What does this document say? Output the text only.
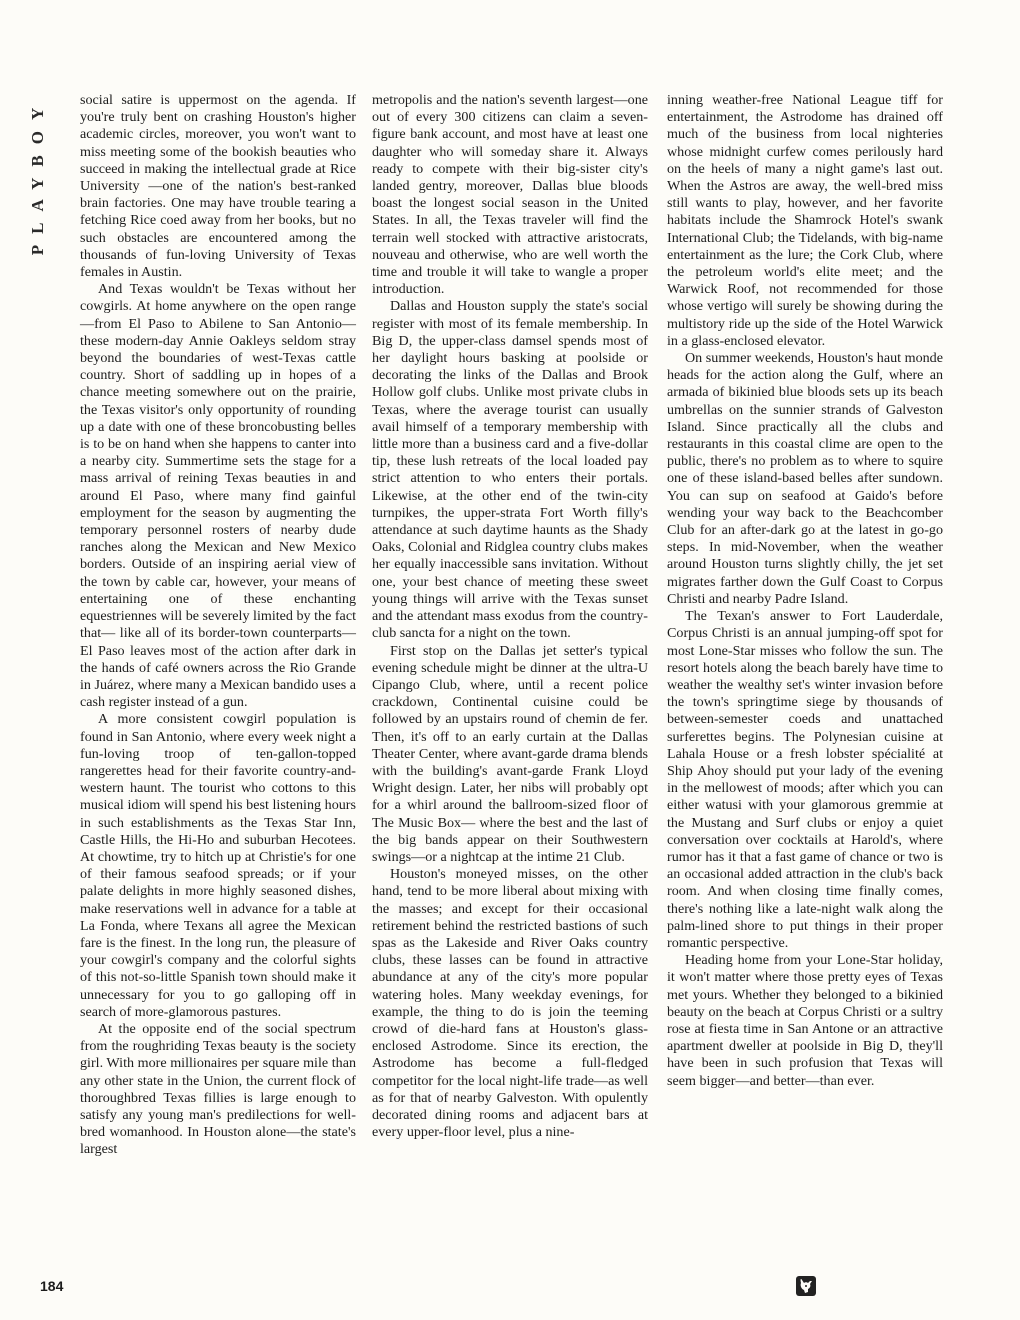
PLAYBOY social satire is uppermost on the agenda. If you're truly bent on crashing Houston's higher academic circles, moreover, you won't want to miss meeting some of the bookish beauties who succeed in making the intellectual grade at Rice University —one of the nation's best-ranked brain factories. One may have trouble tearing a fetching Rice coed away from her books, but no such obstacles are encountered among the thousands of fun-loving University of Texas females in Austin.

And Texas wouldn't be Texas without her cowgirls. At home anywhere on the open range—from El Paso to Abilene to San Antonio—these modern-day Annie Oakleys seldom stray beyond the boundaries of west-Texas cattle country. Short of saddling up in hopes of a chance meeting somewhere out on the prairie, the Texas visitor's only opportunity of rounding up a date with one of these broncobusting belles is to be on hand when she happens to canter into a nearby city. Summertime sets the stage for a mass arrival of reining Texas beauties in and around El Paso, where many find gainful employment for the season by augmenting the temporary personnel rosters of nearby dude ranches along the Mexican and New Mexico borders. Outside of an inspiring aerial view of the town by cable car, however, your means of entertaining one of these enchanting equestriennes will be severely limited by the fact that— like all of its border-town counterparts— El Paso leaves most of the action after dark in the hands of café owners across the Rio Grande in Juárez, where many a Mexican bandido uses a cash register instead of a gun.

A more consistent cowgirl population is found in San Antonio, where every week night a fun-loving troop of ten-gallon-topped rangerettes head for their favorite country-and-western haunt. The tourist who cottons to this musical idiom will spend his best listening hours in such establishments as the Texas Star Inn, Castle Hills, the Hi-Ho and suburban Hecotees. At chowtime, try to hitch up at Christie's for one of their famous seafood spreads; or if your palate delights in more highly seasoned dishes, make reservations well in advance for a table at La Fonda, where Texans all agree the Mexican fare is the finest. In the long run, the pleasure of your cowgirl's company and the colorful sights of this not-so-little Spanish town should make it unnecessary for you to go galloping off in search of more-glamorous pastures.

At the opposite end of the social spectrum from the roughriding Texas beauty is the society girl. With more millionaires per square mile than any other state in the Union, the current flock of thoroughbred Texas fillies is large enough to satisfy any young man's predilections for well-bred womanhood. In Houston alone—the state's largest

metropolis and the nation's seventh largest—one out of every 300 citizens can claim a seven-figure bank account, and most have at least one daughter who will someday share it. Always ready to compete with their big-sister city's landed gentry, moreover, Dallas blue bloods boast the longest social season in the United States. In all, the Texas traveler will find the terrain well stocked with attractive aristocrats, nouveau and otherwise, who are well worth the time and trouble it will take to wangle a proper introduction.

Dallas and Houston supply the state's social register with most of its female membership. In Big D, the upper-class damsel spends most of her daylight hours basking at poolside or decorating the links of the Dallas and Brook Hollow golf clubs. Unlike most private clubs in Texas, where the average tourist can usually avail himself of a temporary membership with little more than a business card and a five-dollar tip, these lush retreats of the local loaded pay strict attention to who enters their portals. Likewise, at the other end of the twin-city turnpikes, the upper-strata Fort Worth filly's attendance at such daytime haunts as the Shady Oaks, Colonial and Ridglea country clubs makes her equally inaccessible sans invitation. Without one, your best chance of meeting these sweet young things will arrive with the Texas sunset and the attendant mass exodus from the country-club sancta for a night on the town.

First stop on the Dallas jet setter's typical evening schedule might be dinner at the ultra-U Cipango Club, where, until a recent police crackdown, Continental cuisine could be followed by an upstairs round of chemin de fer. Then, it's off to an early curtain at the Dallas Theater Center, where avant-garde drama blends with the building's avant-garde Frank Lloyd Wright design. Later, her nibs will probably opt for a whirl around the ballroom-sized floor of The Music Box— where the best and the last of the big bands appear on their Southwestern swings—or a nightcap at the intime 21 Club.

Houston's moneyed misses, on the other hand, tend to be more liberal about mixing with the masses; and except for their occasional retirement behind the restricted bastions of such spas as the Lakeside and River Oaks country clubs, these lasses can be found in attractive abundance at any of the city's more popular watering holes. Many weekday evenings, for example, the thing to do is join the teeming crowd of die-hard fans at Houston's glass-enclosed Astrodome. Since its erection, the Astrodome has become a full-fledged competitor for the local night-life trade—as well as for that of nearby Galveston. With opulently decorated dining rooms and adjacent bars at every upper-floor level, plus a nine-

inning weather-free National League tiff for entertainment, the Astrodome has drained off much of the business from local nighteries whose midnight curfew comes perilously hard on the heels of many a night game's last out. When the Astros are away, the well-bred miss still wants to play, however, and her favorite habitats include the Shamrock Hotel's swank International Club; the Tidelands, with big-name entertainment as the lure; the Cork Club, where the petroleum world's elite meet; and the Warwick Roof, not recommended for those whose vertigo will surely be showing during the multistory ride up the side of the Hotel Warwick in a glass-enclosed elevator.

On summer weekends, Houston's haut monde heads for the action along the Gulf, where an armada of bikinied blue bloods sets up its beach umbrellas on the sunnier strands of Galveston Island. Since practically all the clubs and restaurants in this coastal clime are open to the public, there's no problem as to where to squire one of these island-based belles after sundown. You can sup on seafood at Gaido's before wending your way back to the Beachcomber Club for an after-dark go at the latest in go-go steps. In mid-November, when the weather around Houston turns slightly chilly, the jet set migrates farther down the Gulf Coast to Corpus Christi and nearby Padre Island.

The Texan's answer to Fort Lauderdale, Corpus Christi is an annual jumping-off spot for most Lone-Star misses who follow the sun. The resort hotels along the beach barely have time to weather the wealthy set's winter invasion before the town's springtime siege by thousands of between-semester coeds and unattached surferettes begins. The Polynesian cuisine at Lahala House or a fresh lobster spécialité at Ship Ahoy should put your lady of the evening in the mellowest of moods; after which you can either watusi with your glamorous gremmie at the Mustang and Surf clubs or enjoy a quiet conversation over cocktails at Harold's, where rumor has it that a fast game of chance or two is an occasional added attraction in the club's back room. And when closing time finally comes, there's nothing like a late-night walk along the palm-lined shore to put things in their proper romantic perspective.

Heading home from your Lone-Star holiday, it won't matter where those pretty eyes of Texas met yours. Whether they belonged to a bikinied beauty on the beach at Corpus Christi or a sultry rose at fiesta time in San Antone or an attractive apartment dweller at poolside in Big D, they'll have been in such profusion that Texas will seem bigger—and better—than ever.

184
